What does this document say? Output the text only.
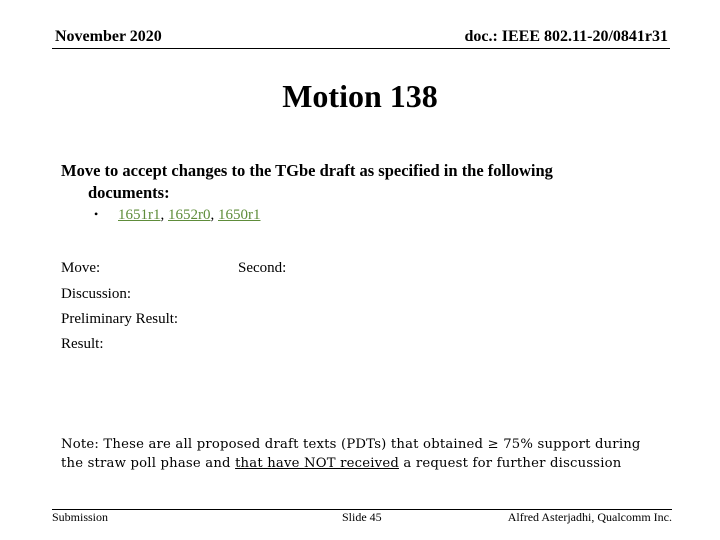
November 2020	doc.: IEEE 802.11-20/0841r31
Motion 138
Move to accept changes to the TGbe draft as specified in the following
documents:
• 1651r1, 1652r0, 1650r1
Move:	Second:
Discussion:
Preliminary Result:
Result:
Note: These are all proposed draft texts (PDTs) that obtained ≥ 75% support during the straw poll phase and that have NOT received a request for further discussion
Submission	Slide 45	Alfred Asterjadhi, Qualcomm Inc.
